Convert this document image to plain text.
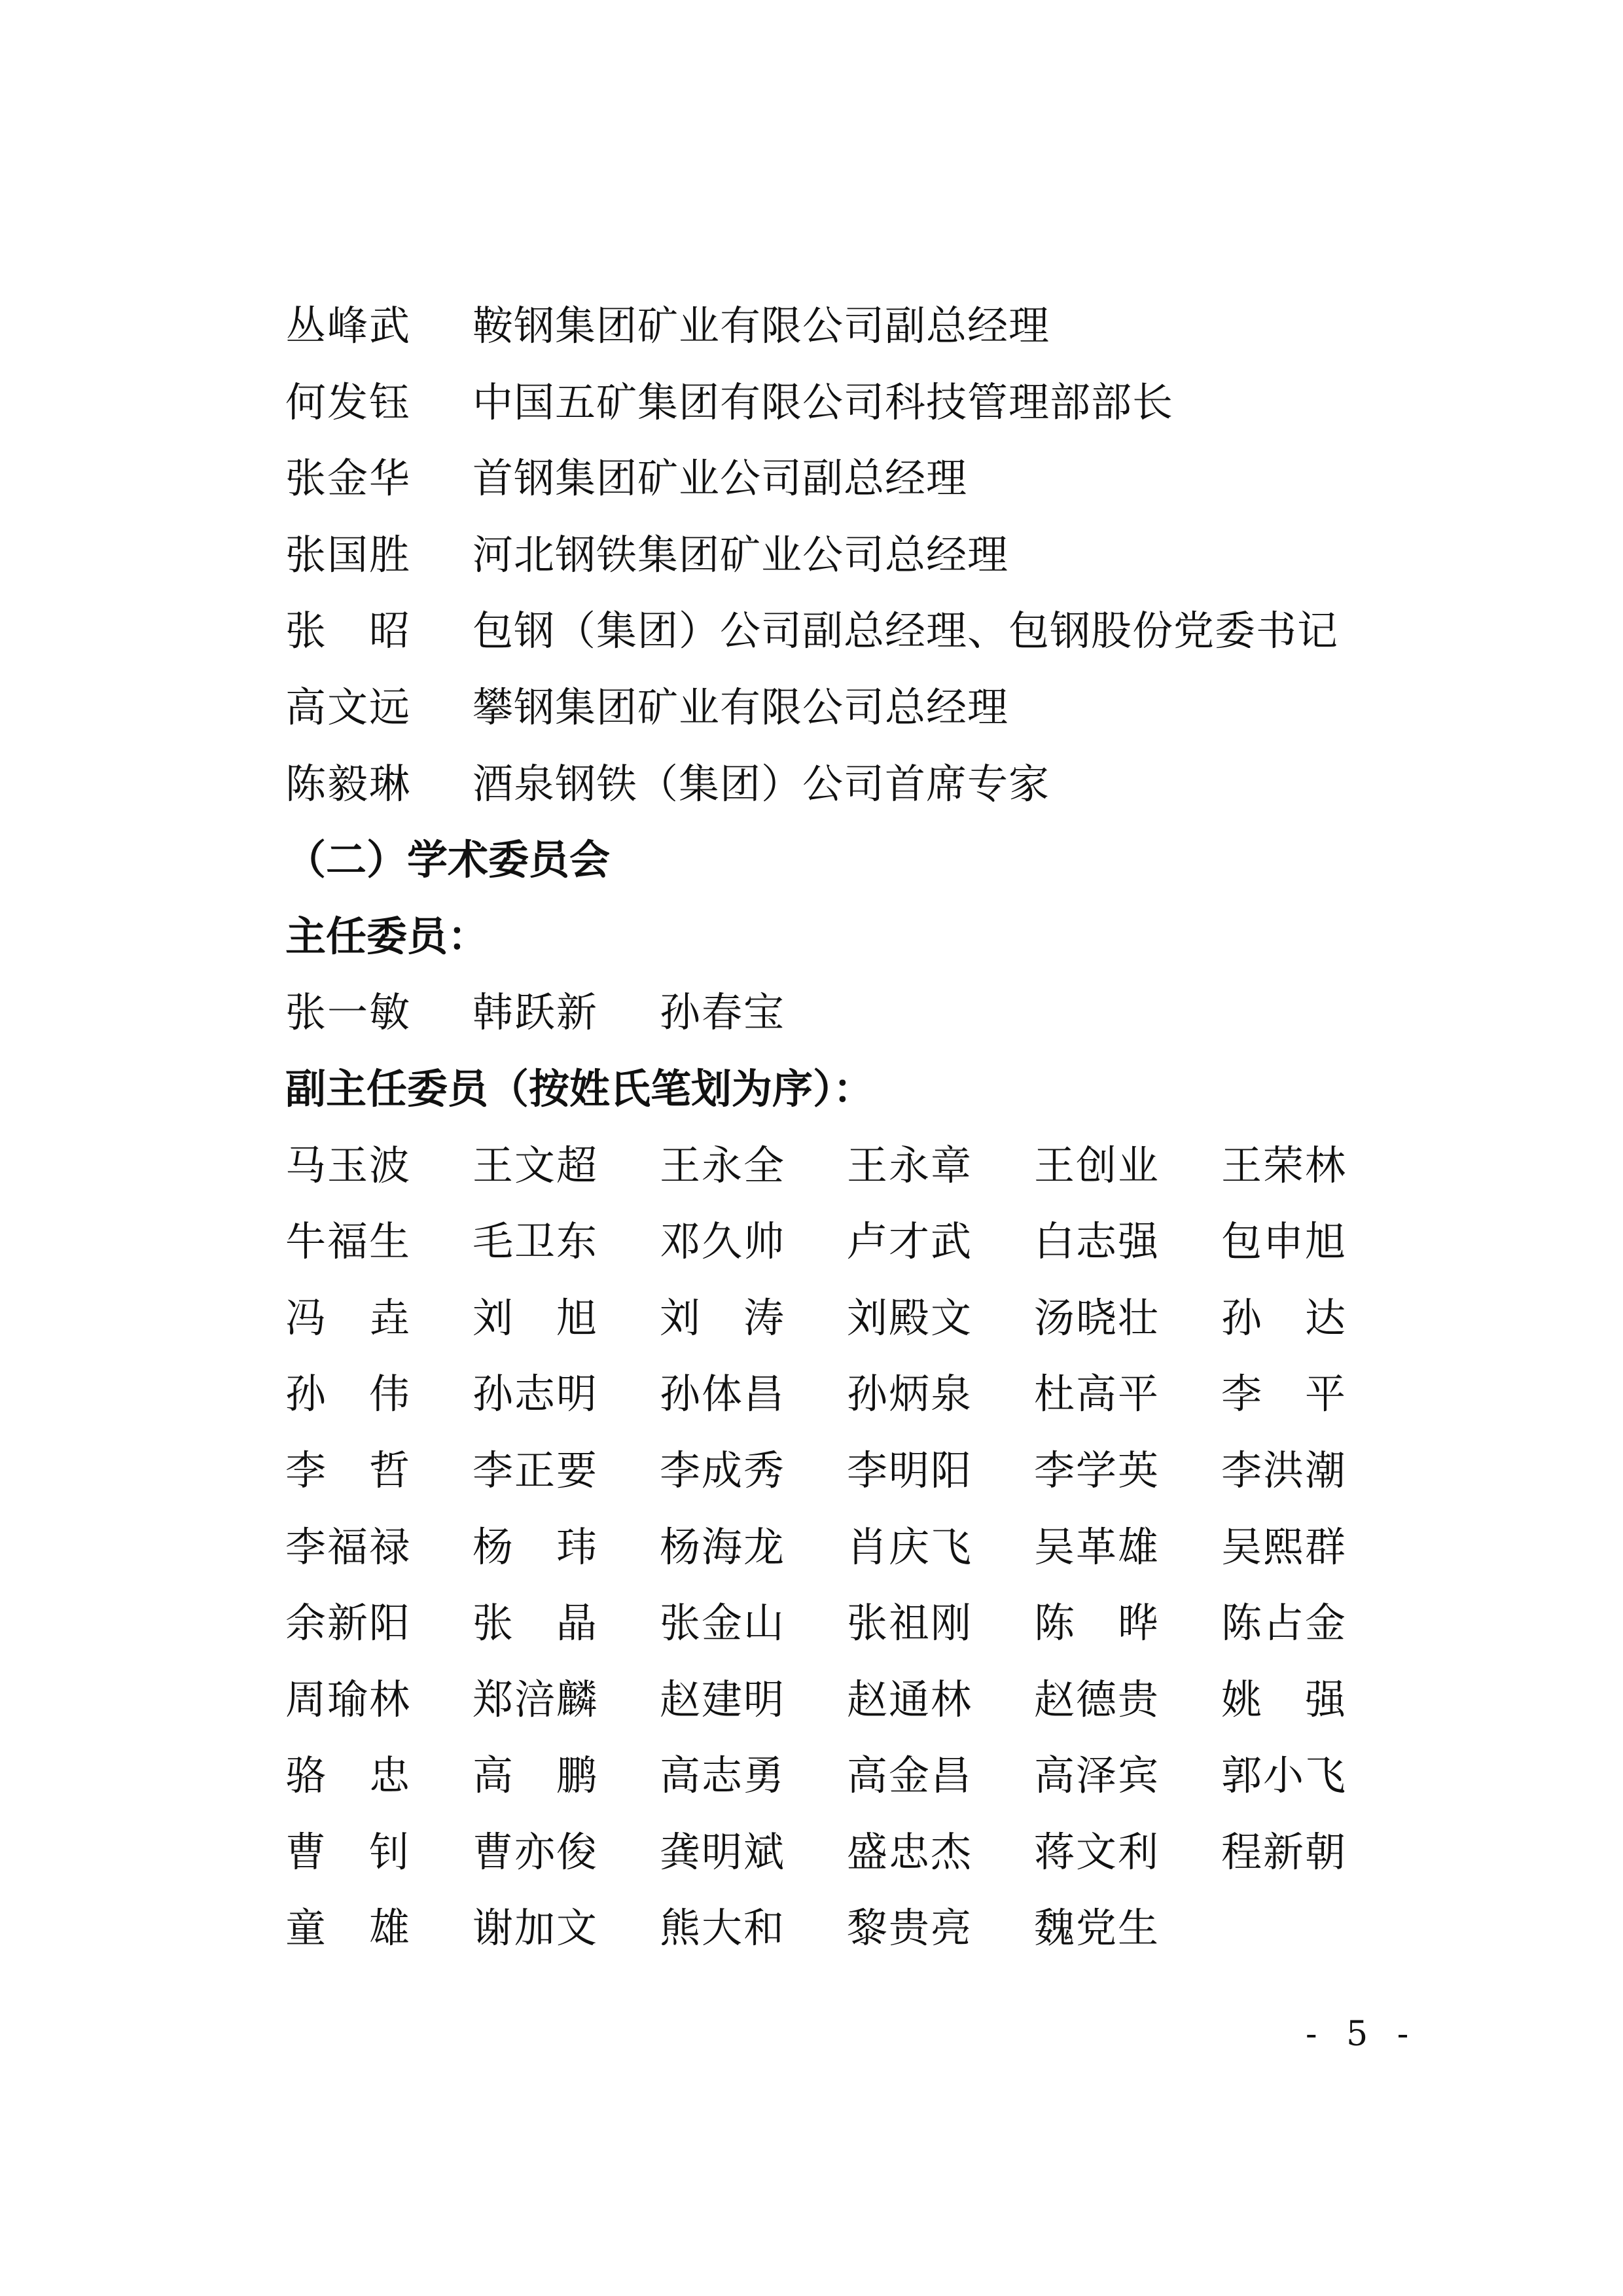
丛 峰 武 鞍钢集团矿业有限公司副总经理
何 发 钰 中国五矿集团有限公司科技管理部部长
张 金 华 首钢集团矿业公司副总经理
张 国 胜 河北钢铁集团矿业公司总经理
张 昭 包钢（集团）公司副总经理、包钢股份党委书记
高 文 远 攀钢集团矿业有限公司总经理
陈 毅 琳 酒泉钢铁（集团）公司首席专家
（二）学术委员会
主任委员：
张 一 敏 韩 跃 新 孙 春 宝
副主任委员（按姓氏笔划为序）：
马 玉 波 王 文 超 王 永 全 王 永 章 王 创 业 王 荣 林
牛 福 生 毛 卫 东 邓 久 帅 卢 才 武 白 志 强 包 申 旭
冯 垚 刘 旭 刘 涛 刘 殿 文 汤 晓 壮 孙 达
孙 伟 孙 志 明 孙 体 昌 孙 炳 泉 杜 高 平 李 平
李 哲 李 正 要 李 成 秀 李 明 阳 李 学 英 李 洪 潮
李 福 禄 杨 玮 杨 海 龙 肖 庆 飞 吴 革 雄 吴 熙 群
余 新 阳 张 晶 张 金 山 张 祖 刚 陈 晔 陈 占 金
周 瑜 林 郑 涪 麟 赵 建 明 赵 通 林 赵 德 贵 姚 强
骆 忠 高 鹏 高 志 勇 高 金 昌 高 泽 宾 郭 小 飞
曹 钊 曹 亦 俊 龚 明 斌 盛 忠 杰 蒋 文 利 程 新 朝
童 雄 谢 加 文 熊 大 和 黎 贵 亮 魏 党 生
- 5 -
